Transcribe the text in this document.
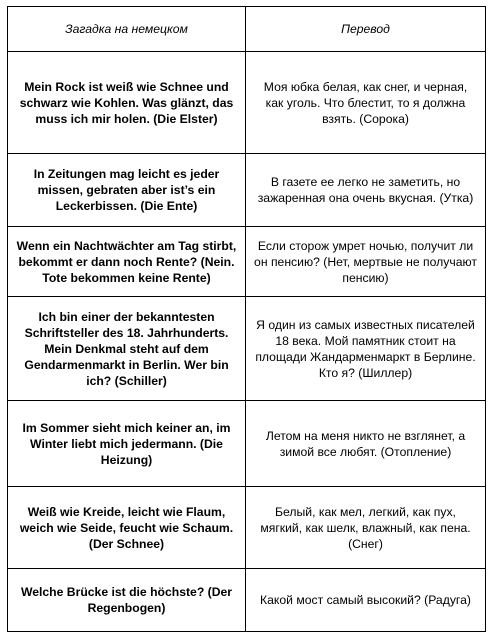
Загадка на немецком	Перевод
Mein Rock ist weiß wie Schnee und schwarz wie Kohlen. Was glänzt, das muss ich mir holen. (Die Elster)	Моя юбка белая, как снег, и черная, как уголь. Что блестит, то я должна взять. (Сорока)
In Zeitungen mag leicht es jeder missen, gebraten aber ist’s ein Leckerbissen. (Die Ente)	В газете ее легко не заметить, но зажаренная она очень вкусная. (Утка)
Wenn ein Nachtwächter am Tag stirbt, bekommt er dann noch Rente? (Nein. Tote bekommen keine Rente)	Если сторож умрет ночью, получит ли он пенсию? (Нет, мертвые не получают пенсию)
Ich bin einer der bekanntesten Schriftsteller des 18. Jahrhunderts. Mein Denkmal steht auf dem Gendarmenmarkt in Berlin. Wer bin ich? (Schiller)	Я один из самых известных писателей 18 века. Мой памятник стоит на площади Жандарменмаркт в Берлине. Кто я? (Шиллер)
Im Sommer sieht mich keiner an, im Winter liebt mich jedermann. (Die Heizung)	Летом на меня никто не взглянет, а зимой все любят. (Отопление)
Weiß wie Kreide, leicht wie Flaum, weich wie Seide, feucht wie Schaum. (Der Schnee)	Белый, как мел, легкий, как пух, мягкий, как шелк, влажный, как пена. (Снег)
Welche Brücke ist die höchste? (Der Regenbogen)	Какой мост самый высокий? (Радуга)
